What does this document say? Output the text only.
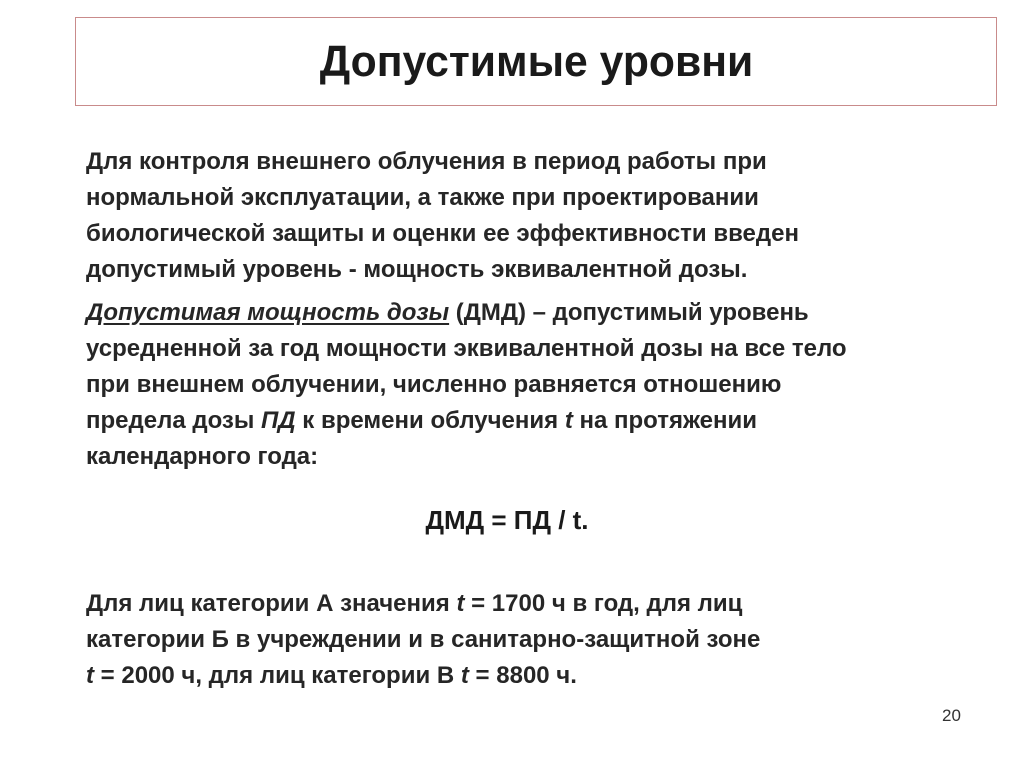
Допустимые уровни

Для контроля внешнего облучения в период работы при
нормальной эксплуатации, а также при проектировании
биологической защиты и оценки ее эффективности введен
допустимый уровень - мощность эквивалентной дозы.

Допустимая мощность дозы (ДМД) – допустимый уровень
усредненной за год мощности эквивалентной дозы на все тело
при внешнем облучении, численно равняется отношению
предела дозы ПД к времени облучения t на протяжении
календарного года:

ДМД = ПД / t.

Для лиц категории А значения t = 1700 ч в год, для лиц
категории Б в учреждении и в санитарно-защитной зоне
t = 2000 ч, для лиц категории В t = 8800 ч.

20
